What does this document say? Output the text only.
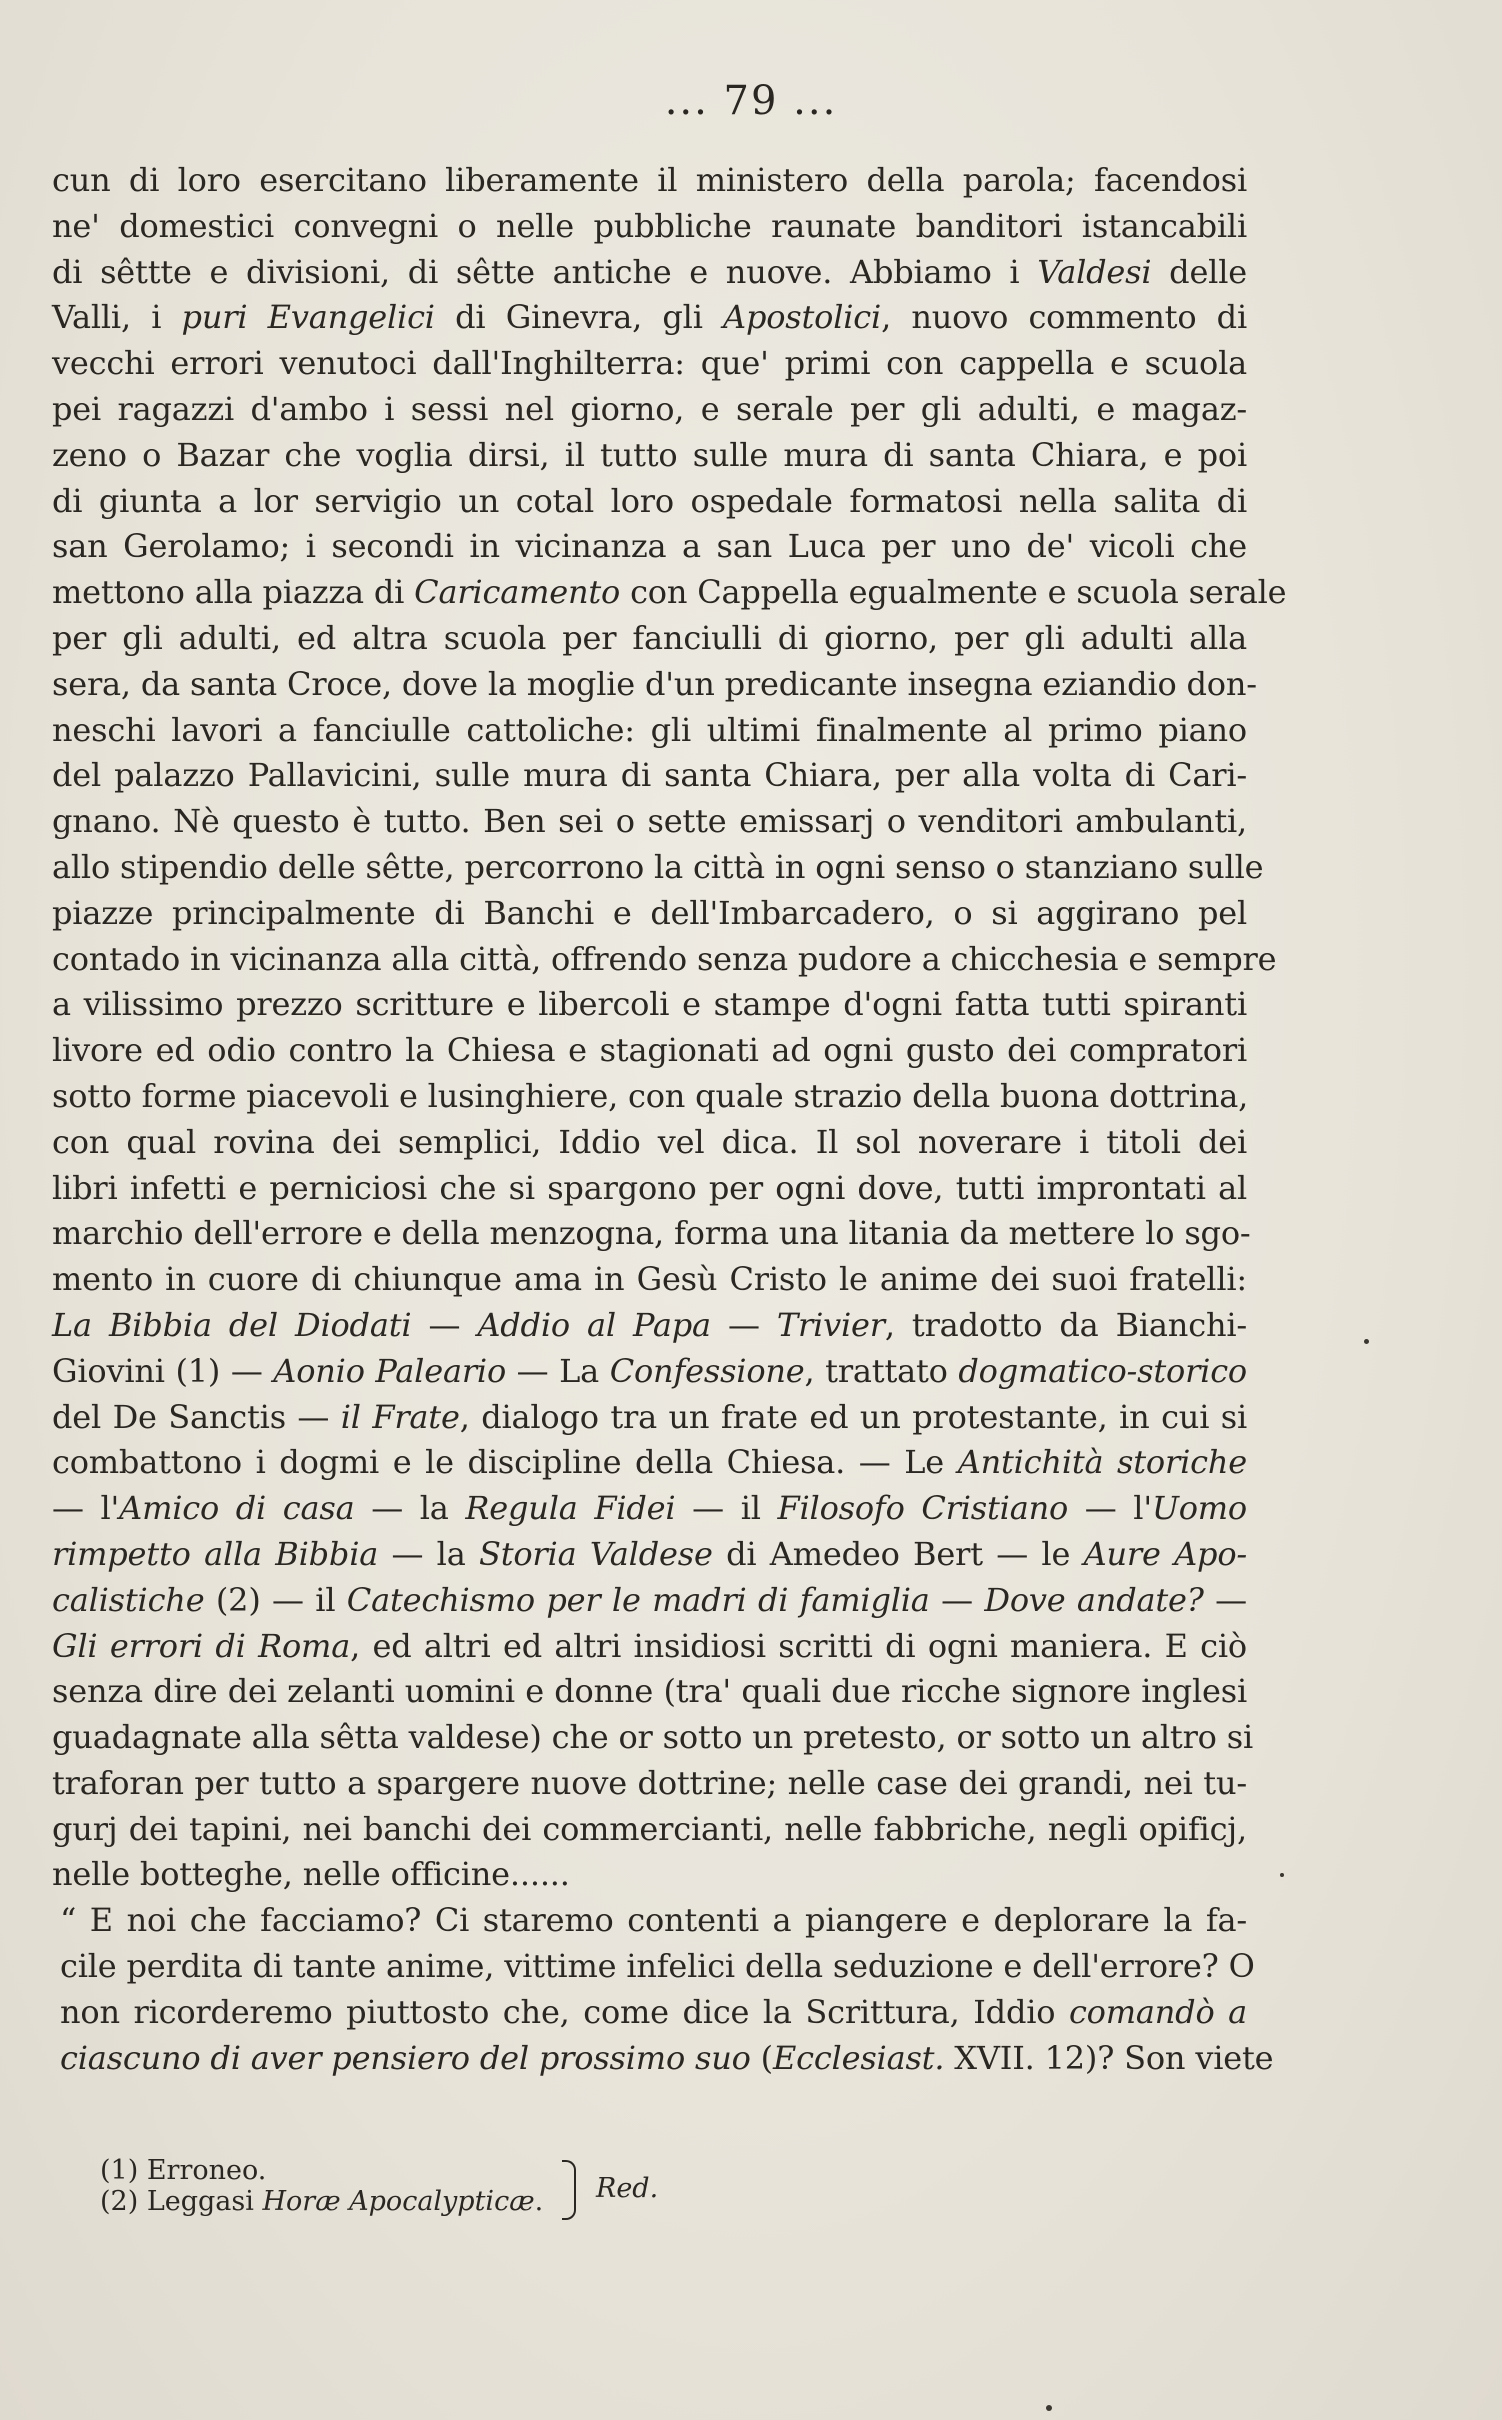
... 79 ...
cun di loro esercitano liberamente il ministero della parola; facendosi
ne' domestici convegni o nelle pubbliche raunate banditori istancabili
di sêttte e divisioni, di sêtte antiche e nuove. Abbiamo i Valdesi delle
Valli, i puri Evangelici di Ginevra, gli Apostolici, nuovo commento di
vecchi errori venutoci dall'Inghilterra: que' primi con cappella e scuola
pei ragazzi d'ambo i sessi nel giorno, e serale per gli adulti, e magaz-
zeno o Bazar che voglia dirsi, il tutto sulle mura di santa Chiara, e poi
di giunta a lor servigio un cotal loro ospedale formatosi nella salita di
san Gerolamo; i secondi in vicinanza a san Luca per uno de' vicoli che
mettono alla piazza di Caricamento con Cappella egualmente e scuola serale
per gli adulti, ed altra scuola per fanciulli di giorno, per gli adulti alla
sera, da santa Croce, dove la moglie d'un predicante insegna eziandio don-
neschi lavori a fanciulle cattoliche: gli ultimi finalmente al primo piano
del palazzo Pallavicini, sulle mura di santa Chiara, per alla volta di Cari-
gnano. Nè questo è tutto. Ben sei o sette emissarj o venditori ambulanti,
allo stipendio delle sêtte, percorrono la città in ogni senso o stanziano sulle
piazze principalmente di Banchi e dell'Imbarcadero, o si aggirano pel
contado in vicinanza alla città, offrendo senza pudore a chicchesia e sempre
a vilissimo prezzo scritture e libercoli e stampe d'ogni fatta tutti spiranti
livore ed odio contro la Chiesa e stagionati ad ogni gusto dei compratori
sotto forme piacevoli e lusinghiere, con quale strazio della buona dottrina,
con qual rovina dei semplici, Iddio vel dica. Il sol noverare i titoli dei
libri infetti e perniciosi che si spargono per ogni dove, tutti improntati al
marchio dell'errore e della menzogna, forma una litania da mettere lo sgo-
mento in cuore di chiunque ama in Gesù Cristo le anime dei suoi fratelli:
La Bibbia del Diodati — Addio al Papa — Trivier, tradotto da Bianchi-
Giovini (1) — Aonio Paleario — La Confessione, trattato dogmatico-storico
del De Sanctis — il Frate, dialogo tra un frate ed un protestante, in cui si
combattono i dogmi e le discipline della Chiesa. — Le Antichità storiche
— l'Amico di casa — la Regula Fidei — il Filosofo Cristiano — l'Uomo
rimpetto alla Bibbia — la Storia Valdese di Amedeo Bert — le Aure Apo-
calistiche (2) — il Catechismo per le madri di famiglia — Dove andate? —
Gli errori di Roma, ed altri ed altri insidiosi scritti di ogni maniera. E ciò
senza dire dei zelanti uomini e donne (tra' quali due ricche signore inglesi
guadagnate alla sêtta valdese) che or sotto un pretesto, or sotto un altro si
traforan per tutto a spargere nuove dottrine; nelle case dei grandi, nei tu-
gurj dei tapini, nei banchi dei commercianti, nelle fabbriche, negli opificj,
nelle botteghe, nelle officine......
“ E noi che facciamo? Ci staremo contenti a piangere e deplorare la fa-
cile perdita di tante anime, vittime infelici della seduzione e dell'errore? O
non ricorderemo piuttosto che, come dice la Scrittura, Iddio comandò a
ciascuno di aver pensiero del prossimo suo (Ecclesiast. XVII. 12)? Son viete
(1) Erroneo.
(2) Leggasi Horæ Apocalypticæ. Red.
